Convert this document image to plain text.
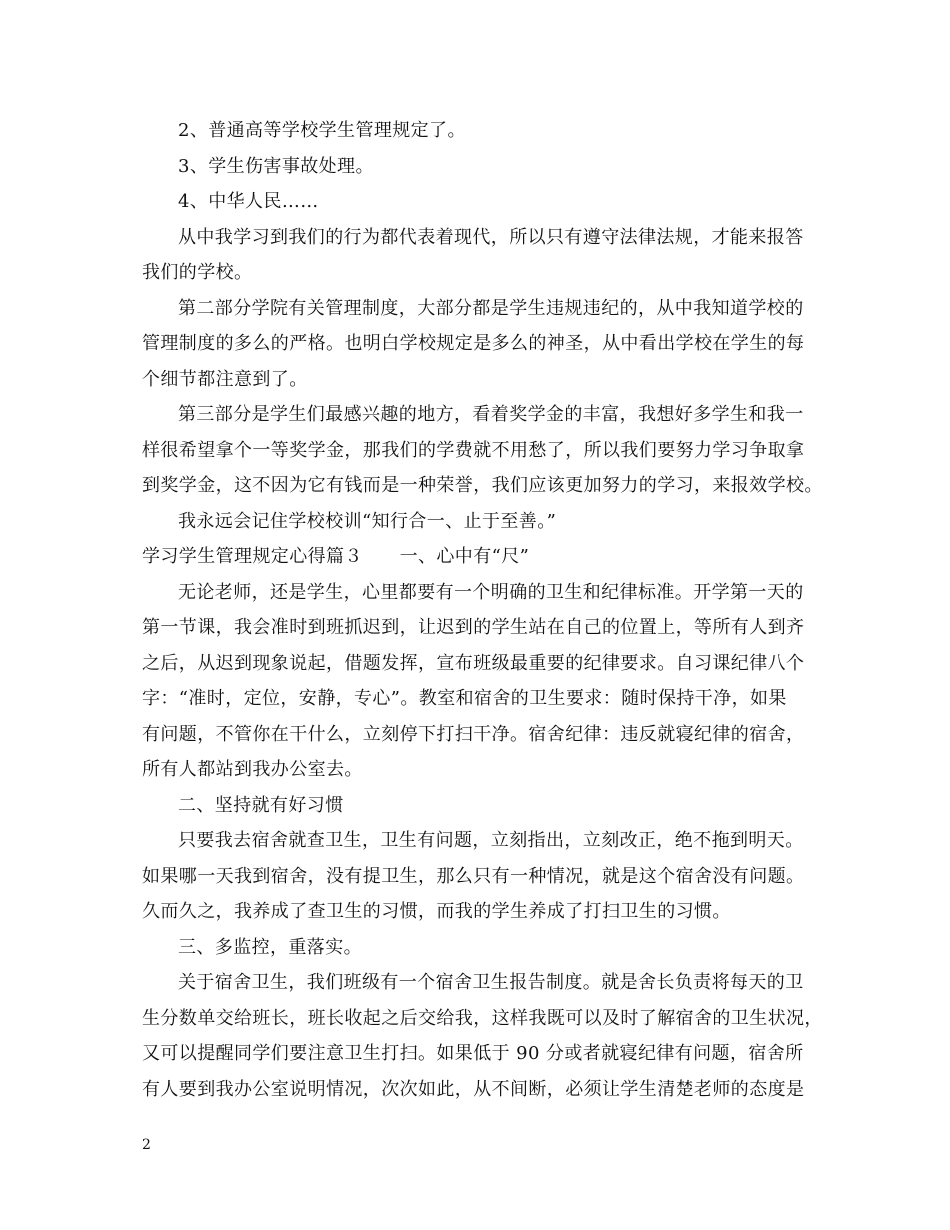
2、普通高等学校学生管理规定了。
3、学生伤害事故处理。
4、中华人民……
从中我学习到我们的行为都代表着现代，所以只有遵守法律法规，才能来报答
我们的学校。
第二部分学院有关管理制度，大部分都是学生违规违纪的，从中我知道学校的
管理制度的多么的严格。也明白学校规定是多么的神圣，从中看出学校在学生的每
个细节都注意到了。
第三部分是学生们最感兴趣的地方，看着奖学金的丰富，我想好多学生和我一
样很希望拿个一等奖学金，那我们的学费就不用愁了，所以我们要努力学习争取拿
到奖学金，这不因为它有钱而是一种荣誉，我们应该更加努力的学习，来报效学校。
我永远会记住学校校训“知行合一、止于至善。”
学习学生管理规定心得篇３　　一、心中有“尺”
无论老师，还是学生，心里都要有一个明确的卫生和纪律标准。开学第一天的
第一节课，我会准时到班抓迟到，让迟到的学生站在自己的位置上，等所有人到齐
之后，从迟到现象说起，借题发挥，宣布班级最重要的纪律要求。自习课纪律八个
字：“准时，定位，安静，专心”。教室和宿舍的卫生要求：随时保持干净，如果
有问题，不管你在干什么，立刻停下打扫干净。宿舍纪律：违反就寝纪律的宿舍，
所有人都站到我办公室去。
二、坚持就有好习惯
只要我去宿舍就查卫生，卫生有问题，立刻指出，立刻改正，绝不拖到明天。
如果哪一天我到宿舍，没有提卫生，那么只有一种情况，就是这个宿舍没有问题。
久而久之，我养成了查卫生的习惯，而我的学生养成了打扫卫生的习惯。
三、多监控，重落实。
关于宿舍卫生，我们班级有一个宿舍卫生报告制度。就是舍长负责将每天的卫
生分数单交给班长，班长收起之后交给我，这样我既可以及时了解宿舍的卫生状况，
又可以提醒同学们要注意卫生打扫。如果低于 90 分或者就寝纪律有问题，宿舍所
有人要到我办公室说明情况，次次如此，从不间断，必须让学生清楚老师的态度是
2
